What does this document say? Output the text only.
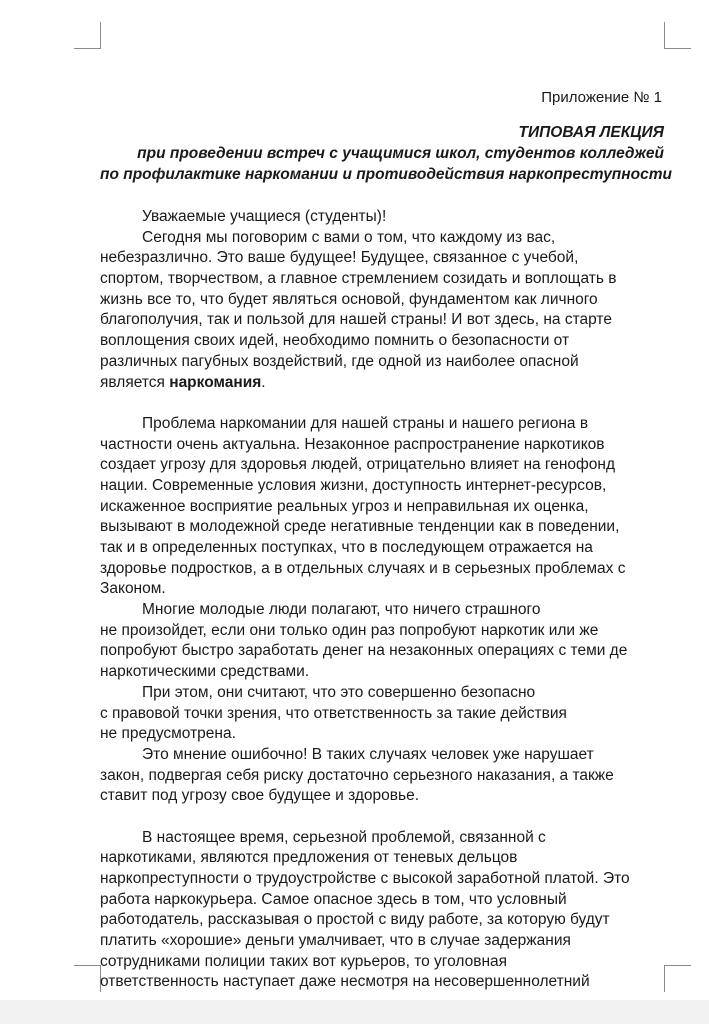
Приложение № 1
ТИПОВАЯ ЛЕКЦИЯ
при проведении встреч с учащимися школ, студентов колледжей
по профилактике наркомании и противодействия наркопреступности
Уважаемые учащиеся (студенты)!
Сегодня мы поговорим с вами о том, что каждому из вас,
небезразлично. Это ваше будущее! Будущее, связанное с учебой,
спортом, творчеством, а главное стремлением созидать и воплощать в
жизнь все то, что будет являться основой, фундаментом как личного
благополучия, так и пользой для нашей страны! И вот здесь, на старте
воплощения своих идей, необходимо помнить о безопасности от
различных пагубных воздействий, где одной из наиболее опасной
является наркомания.
Проблема наркомании для нашей страны и нашего региона в
частности очень актуальна. Незаконное распространение наркотиков
создает угрозу для здоровья людей, отрицательно влияет на генофонд
нации. Современные условия жизни, доступность интернет-ресурсов,
искаженное восприятие реальных угроз и неправильная их оценка,
вызывают в молодежной среде негативные тенденции как в поведении,
так и в определенных поступках, что в последующем отражается на
здоровье подростков, а в отдельных случаях и в серьезных проблемах с
Законом.
Многие молодые люди полагают, что ничего страшного
не произойдет, если они только один раз попробуют наркотик или же
попробуют быстро заработать денег на незаконных операциях с теми де
наркотическими средствами.
При этом, они считают, что это совершенно безопасно
с правовой точки зрения, что ответственность за такие действия
не предусмотрена.
Это мнение ошибочно! В таких случаях человек уже нарушает
закон, подвергая себя риску достаточно серьезного наказания, а также
ставит под угрозу свое будущее и здоровье.
В настоящее время, серьезной проблемой, связанной с
наркотиками, являются предложения от теневых дельцов
наркопреступности о трудоустройстве с высокой заработной платой. Это
работа наркокурьера. Самое опасное здесь в том, что условный
работодатель, рассказывая о простой с виду работе, за которую будут
платить «хорошие» деньги умалчивает, что в случае задержания
сотрудниками полиции таких вот курьеров, то уголовная
ответственность наступает даже несмотря на несовершеннолетний
